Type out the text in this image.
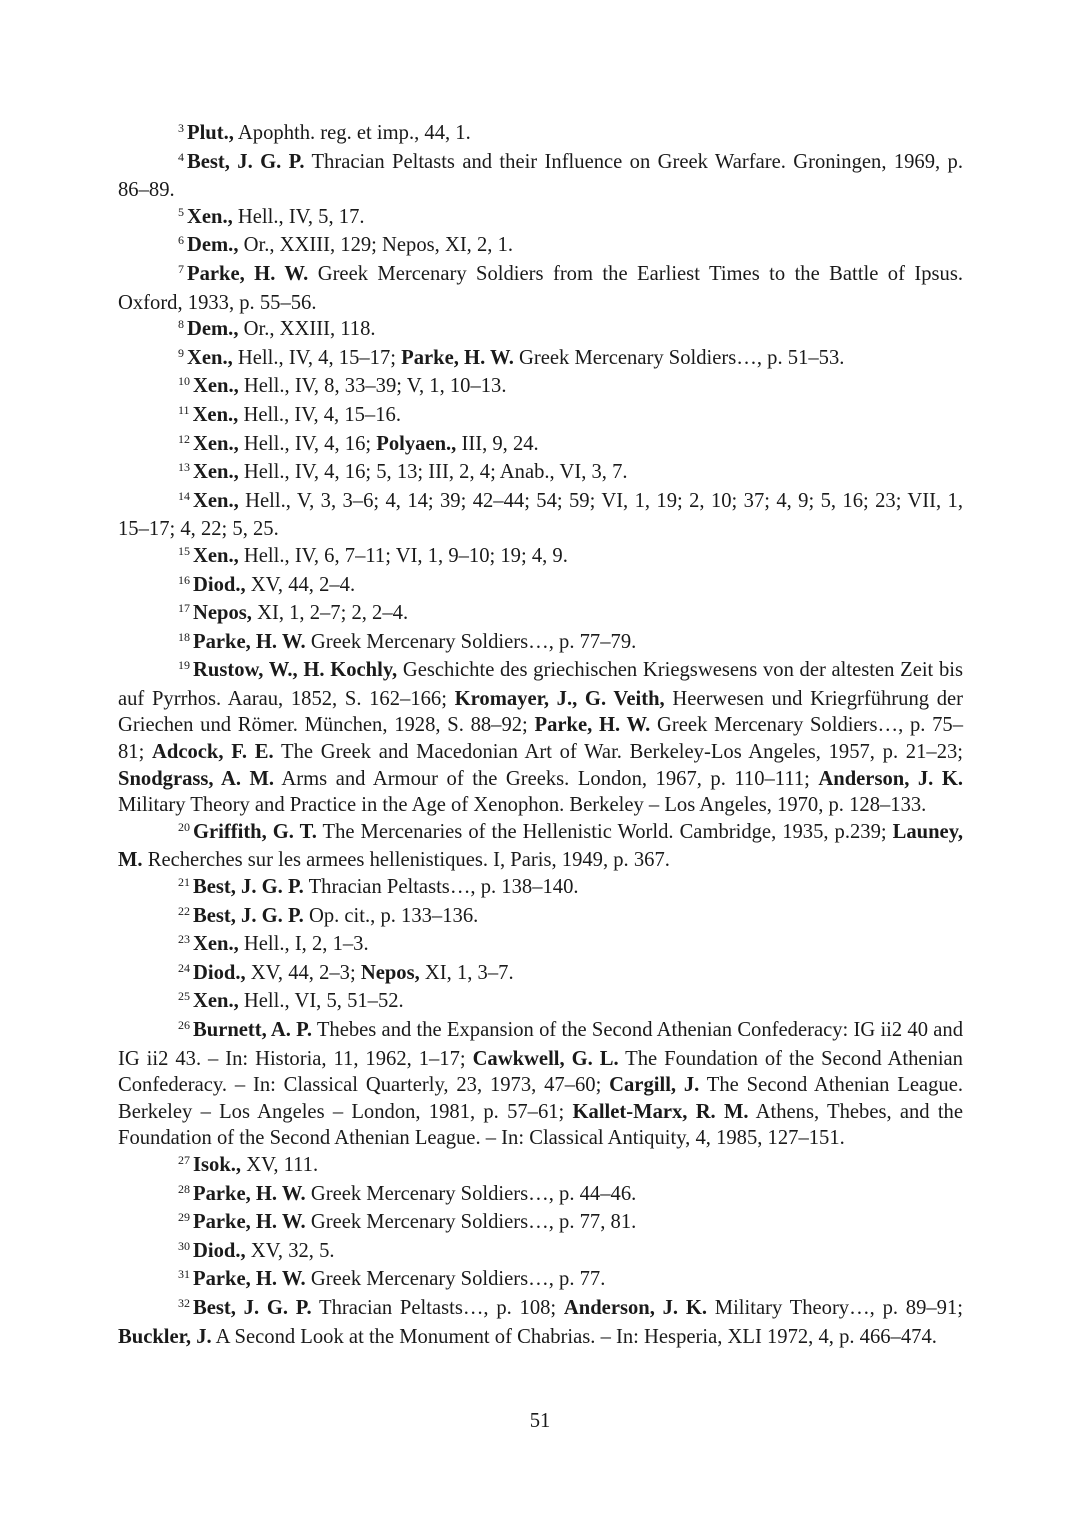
$^3$ Plut., Apophth. reg. et imp., 44, 1.

$^4$ Best, J. G. P. Thracian Peltasts and their Influence on Greek Warfare. Groningen, 1969, p. 86–89.

$^5$ Xen., Hell., IV, 5, 17.

$^6$ Dem., Or., XXIII, 129; Nepos, XI, 2, 1.

$^7$ Parke, H. W. Greek Mercenary Soldiers from the Earliest Times to the Battle of Ipsus. Oxford, 1933, p. 55–56.

$^8$ Dem., Or., XXIII, 118.

$^9$ Xen., Hell., IV, 4, 15–17; Parke, H. W. Greek Mercenary Soldiers…, p. 51–53.

$^{10}$ Xen., Hell., IV, 8, 33–39; V, 1, 10–13.

$^{11}$ Xen., Hell., IV, 4, 15–16.

$^{12}$ Xen., Hell., IV, 4, 16; Polyaen., III, 9, 24.

$^{13}$ Xen., Hell., IV, 4, 16; 5, 13; III, 2, 4; Anab., VI, 3, 7.

$^{14}$ Xen., Hell., V, 3, 3–6; 4, 14; 39; 42–44; 54; 59; VI, 1, 19; 2, 10; 37; 4, 9; 5, 16; 23; VII, 1, 15–17; 4, 22; 5, 25.

$^{15}$ Xen., Hell., IV, 6, 7–11; VI, 1, 9–10; 19; 4, 9.

$^{16}$ Diod., XV, 44, 2–4.

$^{17}$ Nepos, XI, 1, 2–7; 2, 2–4.

$^{18}$ Parke, H. W. Greek Mercenary Soldiers…, p. 77–79.

$^{19}$ Rustow, W., H. Kochly, Geschichte des griechischen Kriegswesens von der altesten Zeit bis auf Pyrrhos. Aarau, 1852, S. 162–166; Kromayer, J., G. Veith, Heerwesen und Kriegrführung der Griechen und Römer. München, 1928, S. 88–92; Parke, H. W. Greek Mercenary Soldiers…, p. 75–81; Adcock, F. E. The Greek and Macedonian Art of War. Berkeley-Los Angeles, 1957, p. 21–23; Snodgrass, A. M. Arms and Armour of the Greeks. London, 1967, p. 110–111; Anderson, J. K. Military Theory and Practice in the Age of Xenophon. Berkeley – Los Angeles, 1970, p. 128–133.

$^{20}$ Griffith, G. T. The Mercenaries of the Hellenistic World. Cambridge, 1935, p.239; Launey, M. Recherches sur les armees hellenistiques. I, Paris, 1949, p. 367.

$^{21}$ Best, J. G. P. Thracian Peltasts…, p. 138–140.

$^{22}$ Best, J. G. P. Op. cit., p. 133–136.

$^{23}$ Xen., Hell., I, 2, 1–3.

$^{24}$ Diod., XV, 44, 2–3; Nepos, XI, 1, 3–7.

$^{25}$ Xen., Hell., VI, 5, 51–52.

$^{26}$ Burnett, A. P. Thebes and the Expansion of the Second Athenian Confederacy: IG ii2 40 and IG ii2 43. – In: Historia, 11, 1962, 1–17; Cawkwell, G. L. The Foundation of the Second Athenian Confederacy. – In: Classical Quarterly, 23, 1973, 47–60; Cargill, J. The Second Athenian League. Berkeley – Los Angeles – London, 1981, p. 57–61; Kallet-Marx, R. M. Athens, Thebes, and the Foundation of the Second Athenian League. – In: Classical Antiquity, 4, 1985, 127–151.

$^{27}$ Isok., XV, 111.

$^{28}$ Parke, H. W. Greek Mercenary Soldiers…, p. 44–46.

$^{29}$ Parke, H. W. Greek Mercenary Soldiers…, p. 77, 81.

$^{30}$ Diod., XV, 32, 5.

$^{31}$ Parke, H. W. Greek Mercenary Soldiers…, p. 77.

$^{32}$ Best, J. G. P. Thracian Peltasts…, p. 108; Anderson, J. K. Military Theory…, p. 89–91; Buckler, J. A Second Look at the Monument of Chabrias. – In: Hesperia, XLI 1972, 4, p. 466–474.

51
